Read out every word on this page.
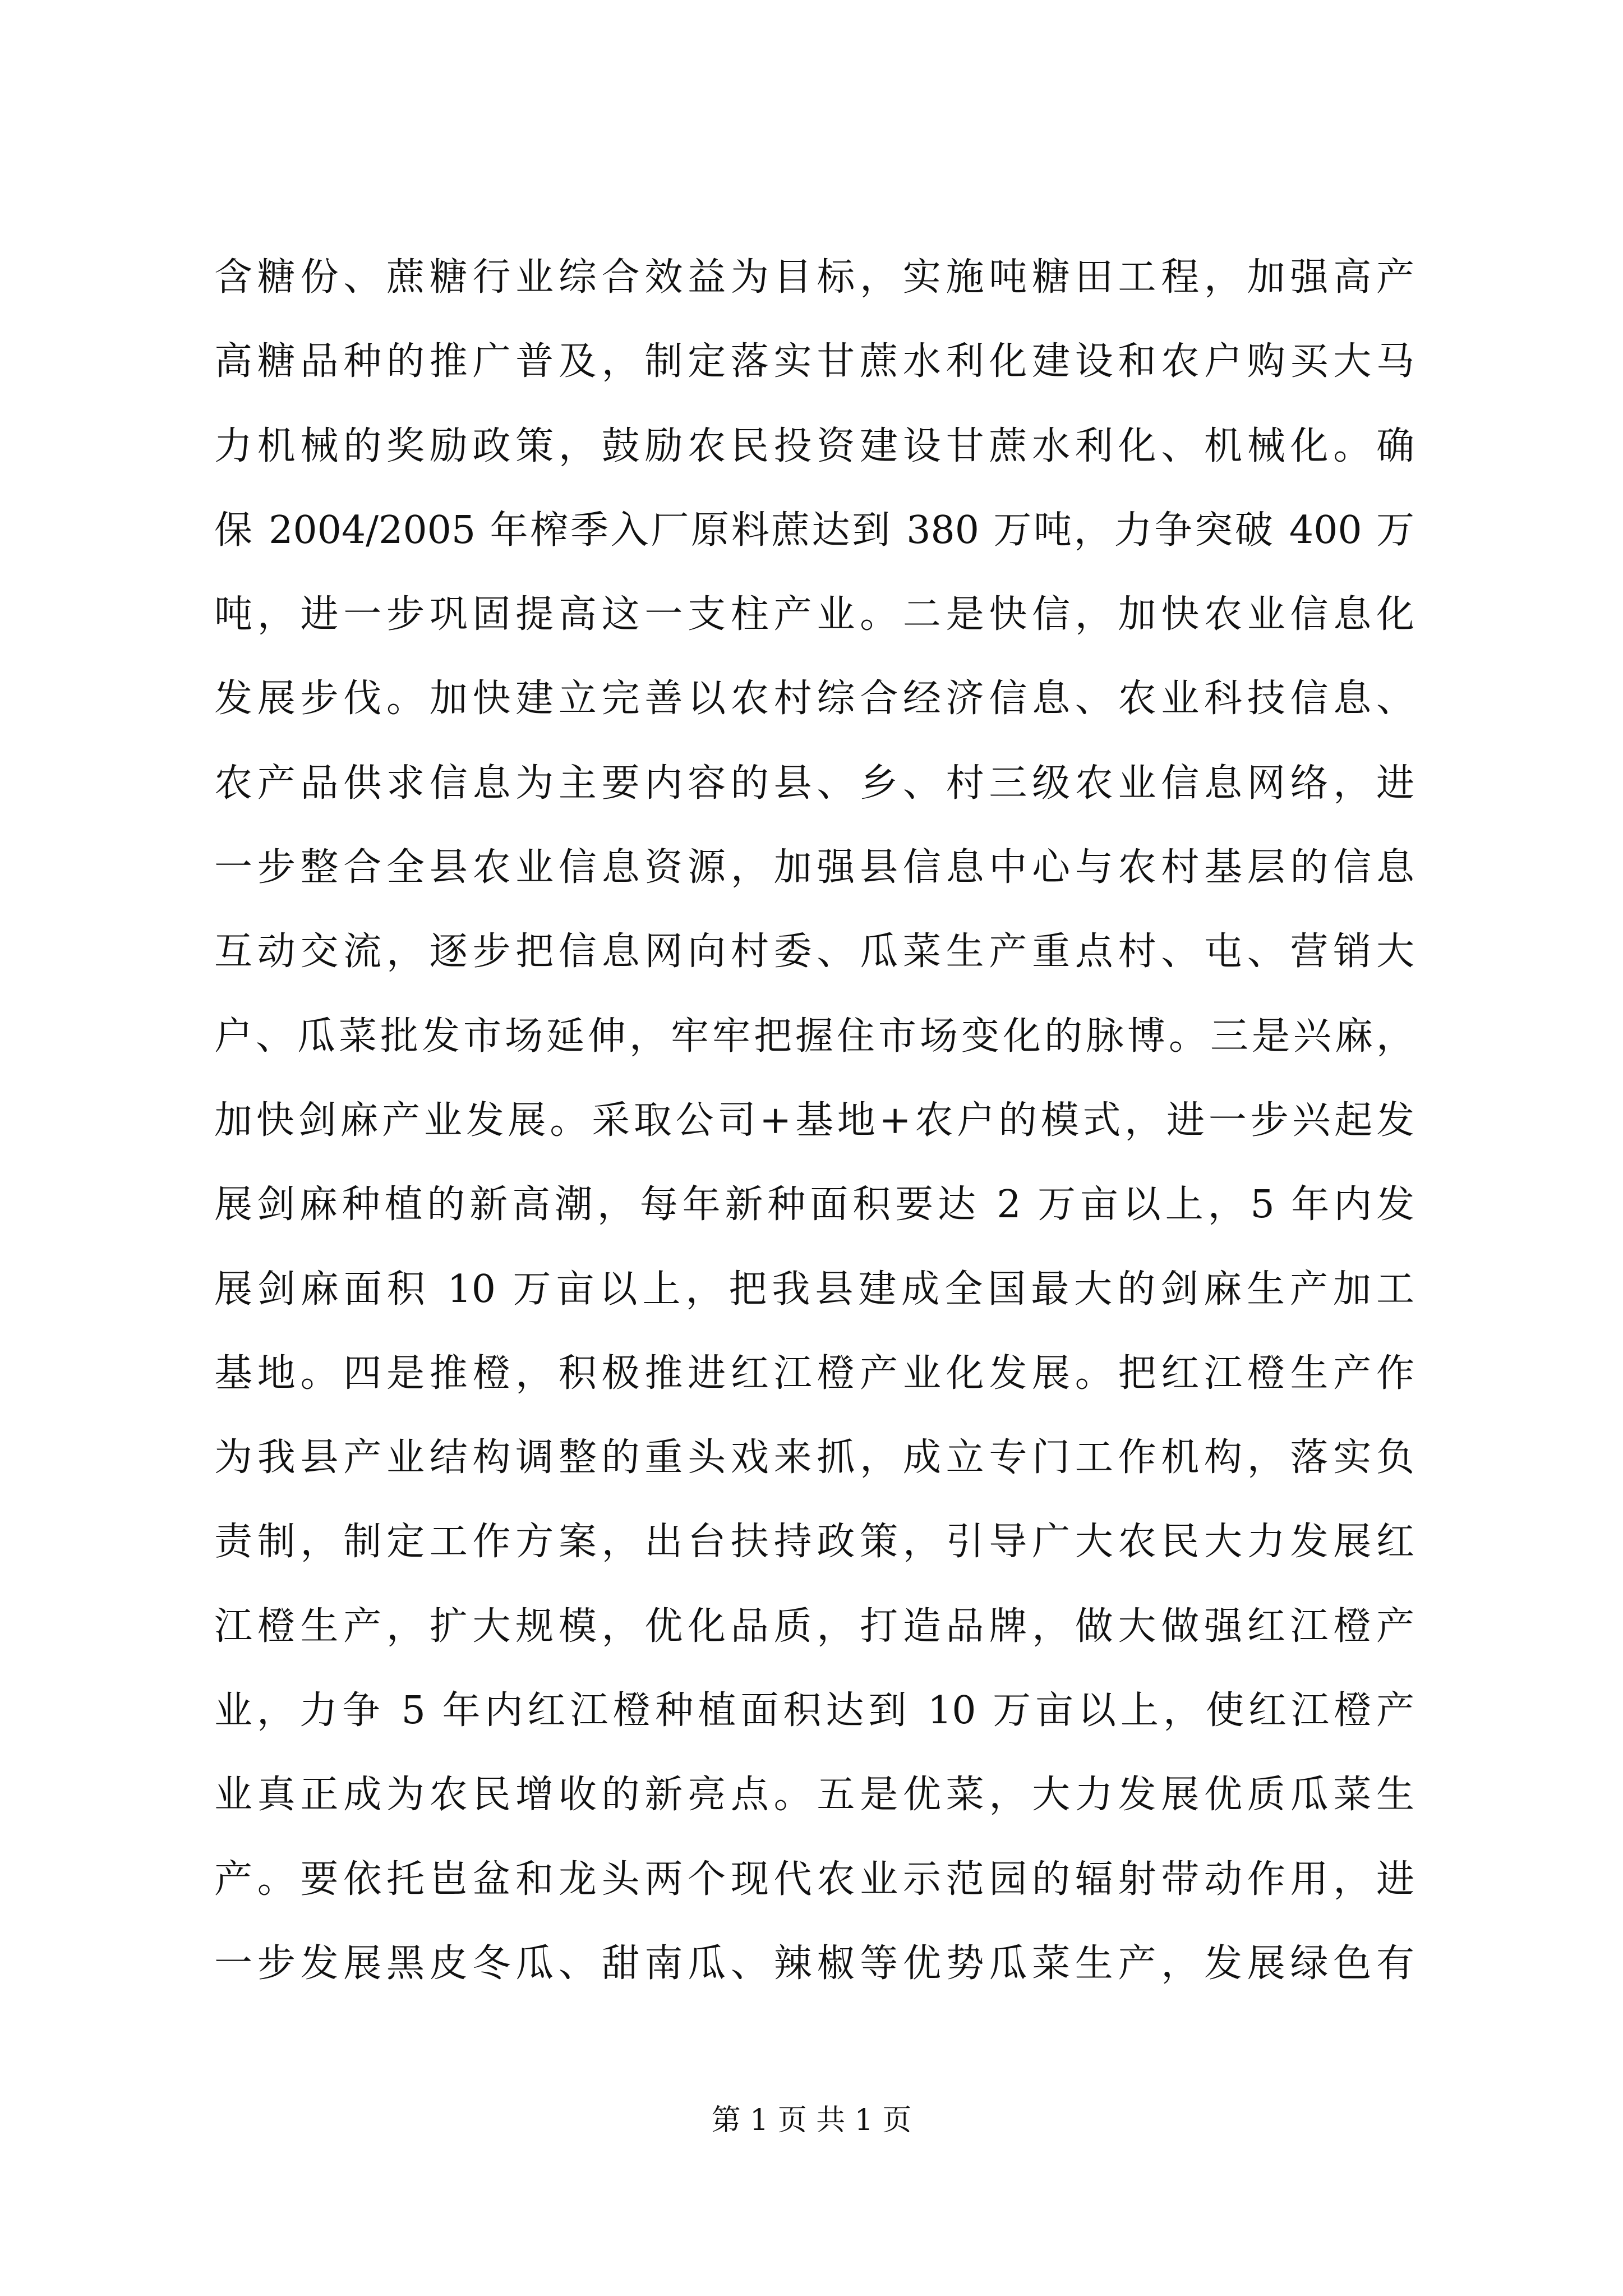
含糖份、蔗糖行业综合效益为目标，实施吨糖田工程，加强高产
高糖品种的推广普及，制定落实甘蔗水利化建设和农户购买大马
力机械的奖励政策，鼓励农民投资建设甘蔗水利化、机械化。确
保 2004/2005 年榨季入厂原料蔗达到 380 万吨，力争突破 400 万
吨，进一步巩固提高这一支柱产业。二是快信，加快农业信息化
发展步伐。加快建立完善以农村综合经济信息、农业科技信息、
农产品供求信息为主要内容的县、乡、村三级农业信息网络，进
一步整合全县农业信息资源，加强县信息中心与农村基层的信息
互动交流，逐步把信息网向村委、瓜菜生产重点村、屯、营销大
户、瓜菜批发市场延伸，牢牢把握住市场变化的脉博。三是兴麻，
加快剑麻产业发展。采取公司+基地+农户的模式，进一步兴起发
展剑麻种植的新高潮，每年新种面积要达 2 万亩以上，5 年内发
展剑麻面积 10 万亩以上，把我县建成全国最大的剑麻生产加工
基地。四是推橙，积极推进红江橙产业化发展。把红江橙生产作
为我县产业结构调整的重头戏来抓，成立专门工作机构，落实负
责制，制定工作方案，出台扶持政策，引导广大农民大力发展红
江橙生产，扩大规模，优化品质，打造品牌，做大做强红江橙产
业，力争 5 年内红江橙种植面积达到 10 万亩以上，使红江橙产
业真正成为农民增收的新亮点。五是优菜，大力发展优质瓜菜生
产。要依托岜盆和龙头两个现代农业示范园的辐射带动作用，进
一步发展黑皮冬瓜、甜南瓜、辣椒等优势瓜菜生产，发展绿色有
第 1 页 共 1 页
